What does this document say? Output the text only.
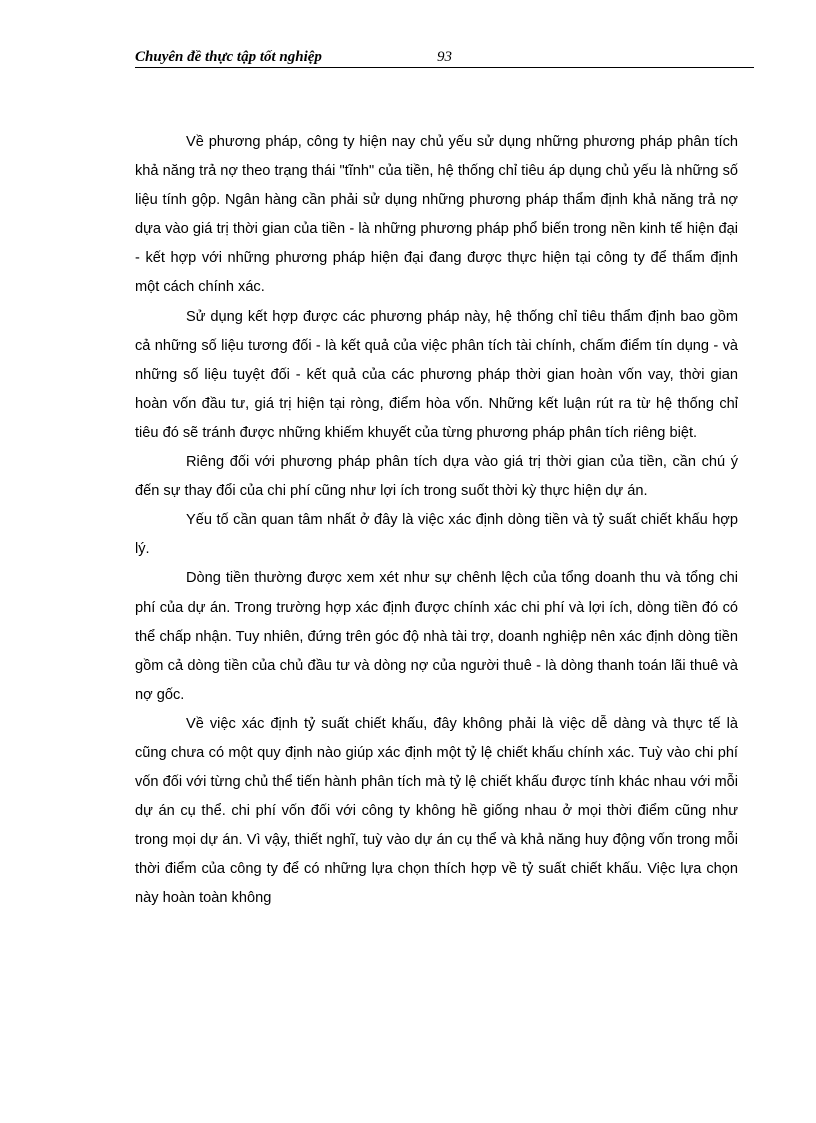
Chuyên đề thực tập tốt nghiệp	93

Về phương pháp, công ty hiện nay chủ yếu sử dụng những phương pháp phân tích khả năng trả nợ theo trạng thái "tĩnh" của tiền, hệ thống chỉ tiêu áp dụng chủ yếu là những số liệu tính gộp. Ngân hàng cần phải sử dụng những phương pháp thẩm định khả năng trả nợ dựa vào giá trị thời gian của tiền - là những phương pháp phổ biến trong nền kinh tế hiện đại - kết hợp với những phương pháp hiện đại đang được thực hiện tại công ty để thẩm định một cách chính xác.

Sử dụng kết hợp được các phương pháp này, hệ thống chỉ tiêu thẩm định bao gồm cả những số liệu tương đối - là kết quả của việc phân tích tài chính, chấm điểm tín dụng - và những số liệu tuyệt đối - kết quả của các phương pháp thời gian hoàn vốn vay, thời gian hoàn vốn đầu tư, giá trị hiện tại ròng, điểm hòa vốn. Những kết luận rút ra từ hệ thống chỉ tiêu đó sẽ tránh được những khiếm khuyết của từng phương pháp phân tích riêng biệt.

Riêng đối với phương pháp phân tích dựa vào giá trị thời gian của tiền, cần chú ý đến sự thay đổi của chi phí cũng như lợi ích trong suốt thời kỳ thực hiện dự án.

Yếu tố cần quan tâm nhất ở đây là việc xác định dòng tiền và tỷ suất chiết khấu hợp lý.

Dòng tiền thường được xem xét như sự chênh lệch của tổng doanh thu và tổng chi phí của dự án. Trong trường hợp xác định được chính xác chi phí và lợi ích, dòng tiền đó có thể chấp nhận. Tuy nhiên, đứng trên góc độ nhà tài trợ, doanh nghiệp nên xác định dòng tiền gồm cả dòng tiền của chủ đầu tư và dòng nợ của người thuê - là dòng thanh toán lãi thuê và nợ gốc.

Về việc xác định tỷ suất chiết khấu, đây không phải là việc dễ dàng và thực tế là cũng chưa có một quy định nào giúp xác định một tỷ lệ chiết khấu chính xác. Tuỳ vào chi phí vốn đối với từng chủ thể tiến hành phân tích mà tỷ lệ chiết khấu được tính khác nhau với mỗi dự án cụ thể. chi phí vốn đối với công ty không hề giống nhau ở mọi thời điểm cũng như trong mọi dự án. Vì vậy, thiết nghĩ, tuỳ vào dự án cụ thể và khả năng huy động vốn trong mỗi thời điểm của công ty để có những lựa chọn thích hợp về tỷ suất chiết khấu. Việc lựa chọn này hoàn toàn không
